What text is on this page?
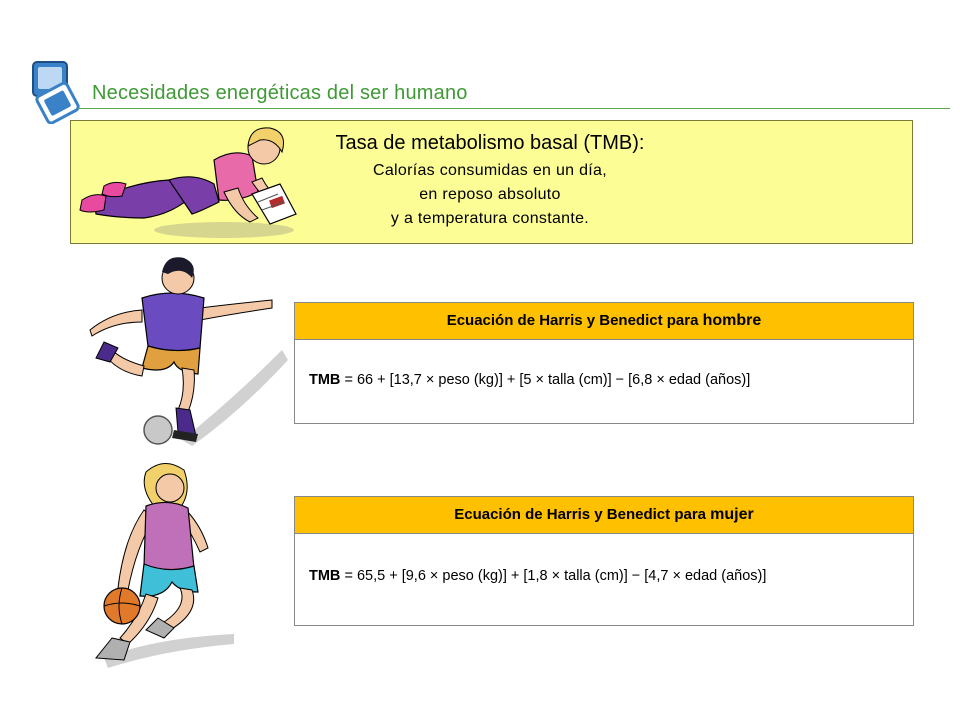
Necesidades energéticas del ser humano
Tasa de metabolismo basal (TMB):
Calorías consumidas en un día,
en reposo absoluto
y a temperatura constante.
Ecuación de Harris y Benedict para hombre
TMB = 66 + [13,7 × peso (kg)] + [5 × talla (cm)] − [6,8 × edad (años)]
Ecuación de Harris y Benedict para mujer
TMB = 65,5 + [9,6 × peso (kg)] + [1,8 × talla (cm)] − [4,7 × edad (años)]
